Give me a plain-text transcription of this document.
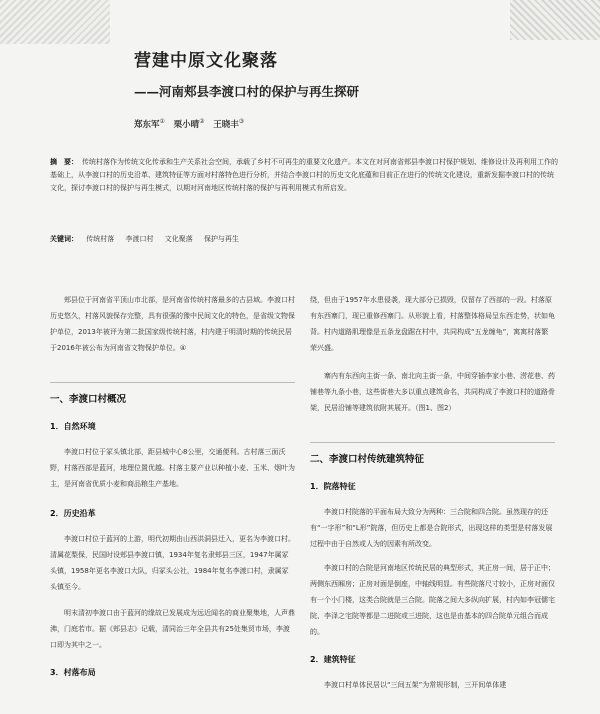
营建中原文化聚落
——河南郏县李渡口村的保护与再生探研
郑东军① 栗小晴② 王晓丰③

摘　要： 传统村落作为传统文化传承和生产关系社会空间，承载了乡村不可再生的重要文化遗产。本文在对河南省郏县李渡口村保护规划、维修设计及再利用工作的基础上，从李渡口村的历史沿革、建筑特征等方面对村落特色进行分析，并结合李渡口村的历史文化底蕴和目前正在进行的传统文化建设，重新发掘李渡口村的传统文化，探讨李渡口村的保护与再生模式，以期对河南地区传统村落的保护与再利用模式有所启发。

关键词： 传统村落 李渡口村 文化聚落 保护与再生

郏县位于河南省平顶山市北部，是河南省传统村落最多的古县域。李渡口村历史悠久，村落风貌保存完整，具有很强的豫中民间文化的特色，是省级文物保护单位，2013年被评为第二批国家级传统村落，村内建于明清时期的传统民居于2016年被公布为河南省文物保护单位。④

一、李渡口村概况

1．自然环境

李渡口村位于冢头镇北部，距县城中心8公里，交通便利。古村落三面沃野，村落西部是蓝河，地理位置优越。村落主要产业以种植小麦、玉米、烟叶为主，是河南省优质小麦和商品粮生产基地。

2．历史沿革

李渡口村位于蓝河的上游，明代初期由山西洪洞县迁入，更名为李渡口村。清属花梨保，民国时设郏县李渡口镇，1934年复名隶郏县三区，1947年属冢头镇，1958年更名李渡口大队，归冢头公社，1984年复名李渡口村，隶属冢头镇至今。

明末清初李渡口由于蓝河的缘故已发展成为远近闻名的商业聚集地，人声鼎沸，门庭若市。据《郏县志》记载，清同治三年全县共有25处集贸市场，李渡口即为其中之一。

3．村落布局

绕，但由于1957年水患侵袭，现大部分已损毁，仅留存了西部的一段。村落原有东西寨门，现已重修西寨门。从形貌上看，村落整体格局呈东西走势，状如龟背。村内道路肌理像是五条龙盘踞在村中，共同构成“五龙缠龟”，寓寓村落繁荣兴盛。

寨内有东西向主街一条、南北向主街一条，中间穿插李家小巷、涝花巷、药铺巷等九条小巷，这些街巷大多以重点建筑命名，共同构成了李渡口村的道路骨架，民居沿铺等建筑依附其展开。（图1、图2）

二、李渡口村传统建筑特征

1．院落特征

李渡口村院落的平面布局大致分为两种：三合院和四合院。虽然现存的还有“一字形”和“L形”院落，但历史上都是合院形式，出现这样的类型是村落发展过程中由于自然或人为的因素有所改变。

李渡口村的合院是河南地区传统民居的典型形式，其正房一间，居于正中；两侧东西厢房；正房对面是倒座，中轴线明显。有些院落尺寸较小，正房对面仅有一个小门楼，这类合院就是三合院。院落之间大多纵向扩展，村内如李冠儒宅院、李泽之宅院等都是二进院或三进院，这也是由基本的四合院单元组合而成的。

2．建筑特征

李渡口村单体民居以“三间五架”为常规形制，三开间单体建
